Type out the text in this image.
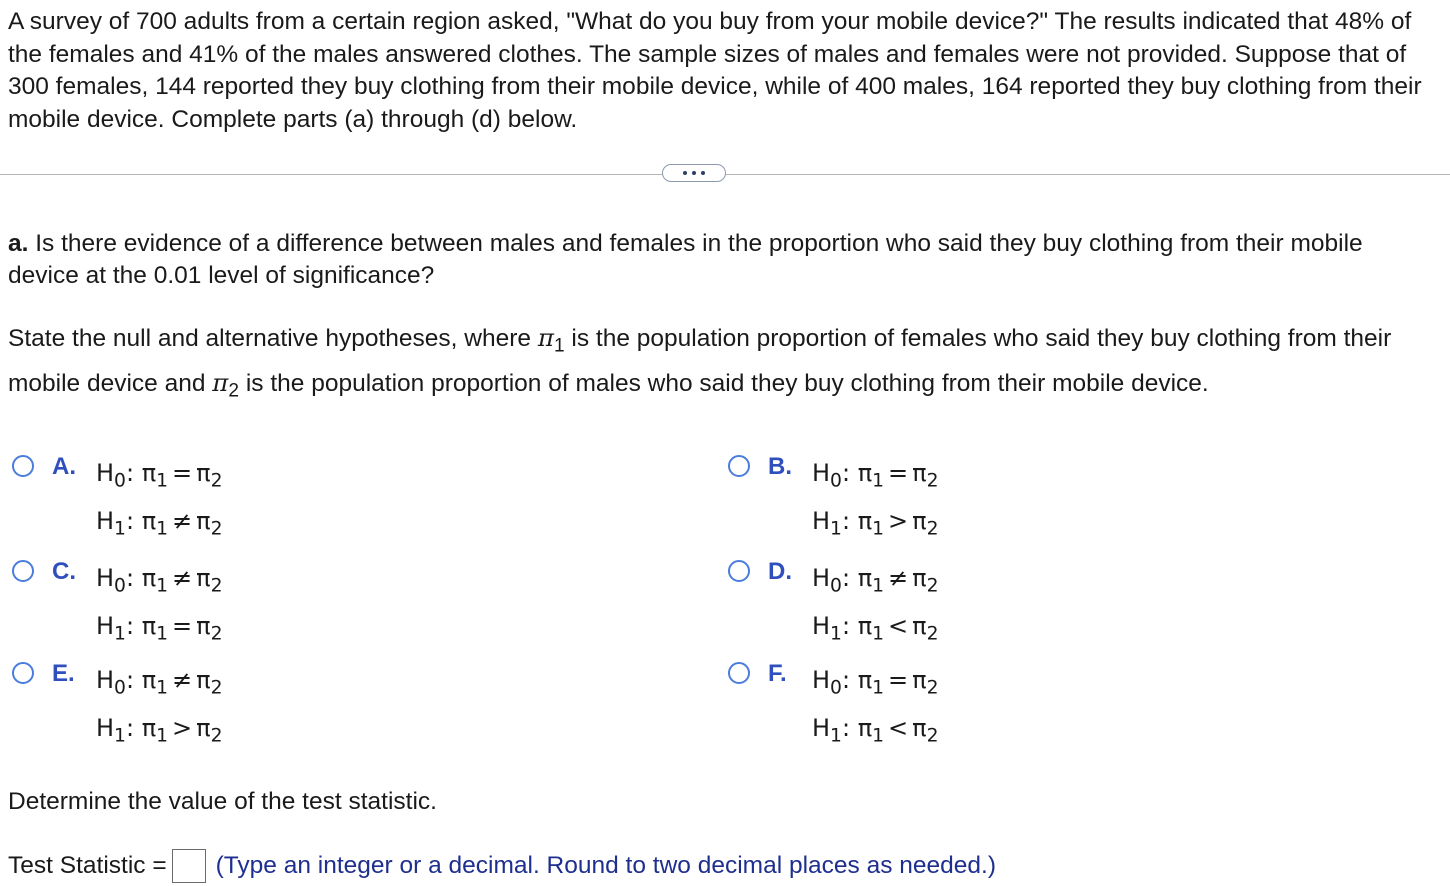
A survey of 700 adults from a certain region asked, "What do you buy from your mobile device?" The results indicated that 48% of the females and 41% of the males answered clothes. The sample sizes of males and females were not provided. Suppose that of 300 females, 144 reported they buy clothing from their mobile device, while of 400 males, 164 reported they buy clothing from their mobile device. Complete parts (a) through (d) below.
a. Is there evidence of a difference between males and females in the proportion who said they buy clothing from their mobile device at the 0.01 level of significance?
State the null and alternative hypotheses, where $\pi_1$ is the population proportion of females who said they buy clothing from their mobile device and $\pi_2$ is the population proportion of males who said they buy clothing from their mobile device.
A. $H_0$: $\pi_1 = \pi_2$
$H_1$: $\pi_1 \ne \pi_2$
B. $H_0$: $\pi_1 = \pi_2$
$H_1$: $\pi_1 > \pi_2$
C. $H_0$: $\pi_1 \ne \pi_2$
$H_1$: $\pi_1 = \pi_2$
D. $H_0$: $\pi_1 \ne \pi_2$
$H_1$: $\pi_1 < \pi_2$
E. $H_0$: $\pi_1 \ne \pi_2$
$H_1$: $\pi_1 > \pi_2$
F. $H_0$: $\pi_1 = \pi_2$
$H_1$: $\pi_1 < \pi_2$
Determine the value of the test statistic.
Test Statistic = (Type an integer or a decimal. Round to two decimal places as needed.)
